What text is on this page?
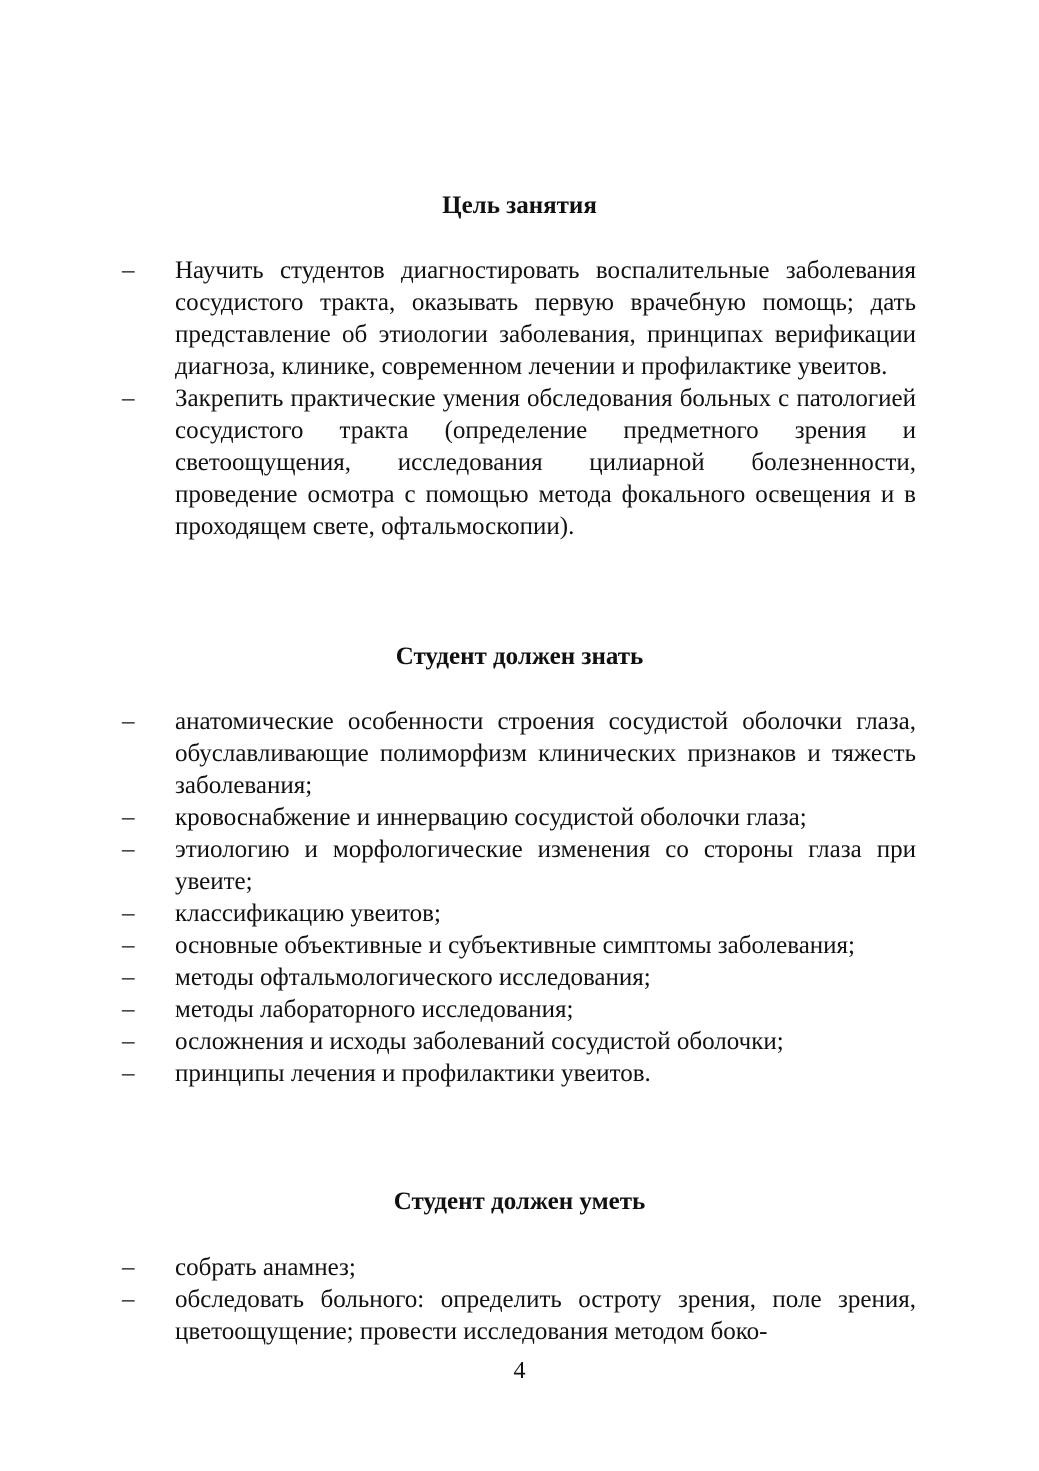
Цель занятия
–	Научить студентов диагностировать воспалительные заболевания сосудистого тракта, оказывать первую врачебную помощь; дать представление об этиологии заболевания, принципах верификации диагноза, клинике, современном лечении и профилактике увеитов.
–	Закрепить практические умения обследования больных с патологией сосудистого тракта (определение предметного зрения и светоощущения, исследования цилиарной болезненности, проведение осмотра с помощью метода фокального освещения и в проходящем свете, офтальмоскопии).
Студент должен знать
–	анатомические особенности строения сосудистой оболочки глаза, обуславливающие полиморфизм клинических признаков и тяжесть заболевания;
–	кровоснабжение и иннервацию сосудистой оболочки глаза;
–	этиологию и морфологические изменения со стороны глаза при увеите;
–	классификацию увеитов;
–	основные объективные и субъективные симптомы заболевания;
–	методы офтальмологического исследования;
–	методы лабораторного исследования;
–	осложнения и исходы заболеваний сосудистой оболочки;
–	принципы лечения и профилактики увеитов.
Студент должен уметь
–	собрать анамнез;
–	обследовать больного: определить остроту зрения, поле зрения, цветоощущение; провести исследования методом боко-
4
